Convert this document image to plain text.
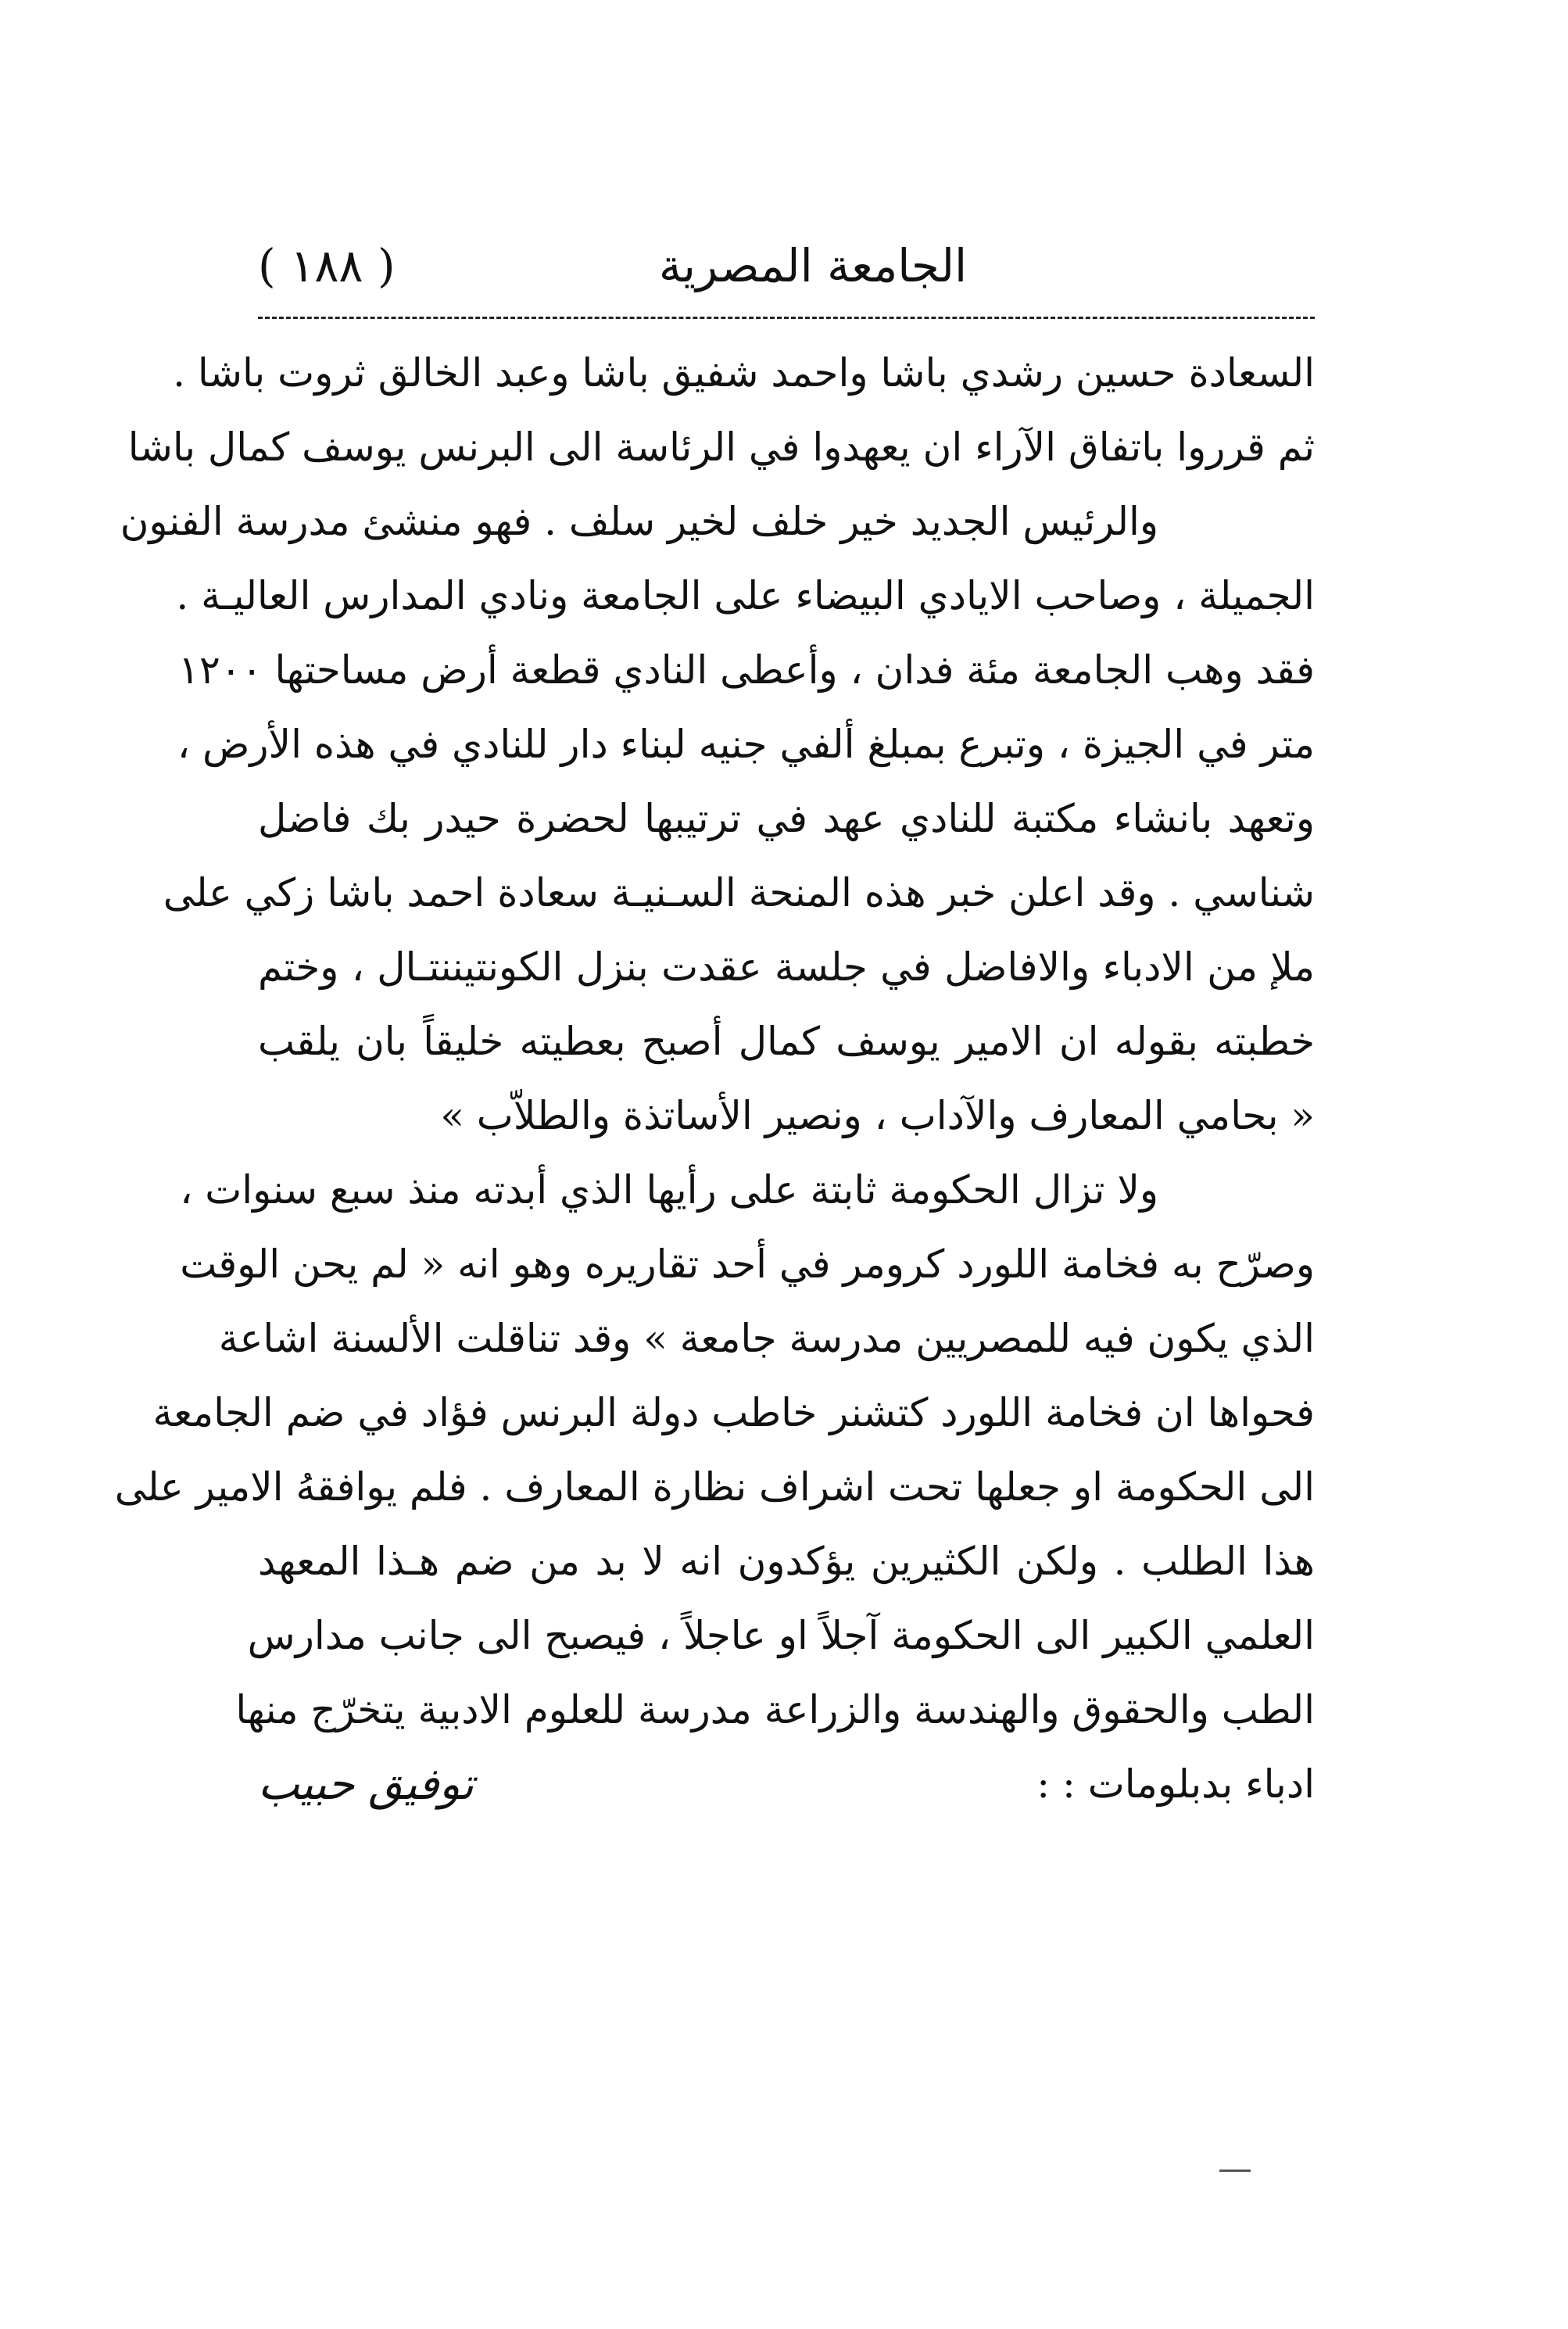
الجامعة المصرية
( ١٨٨ )
السعادة حسين رشدي باشا واحمد شفيق باشا وعبد الخالق ثروت باشا .
ثم قرروا باتفاق الآراء ان يعهدوا في الرئاسة الى البرنس يوسف كمال باشا
والرئيس الجديد خير خلف لخير سلف . فهو منشئ مدرسة الفنون
الجميلة ، وصاحب الايادي البيضاء على الجامعة ونادي المدارس العاليـة .
فقد وهب الجامعة مئة فدان ، وأعطى النادي قطعة أرض مساحتها ١٢٠٠
متر في الجيزة ، وتبرع بمبلغ ألفي جنيه لبناء دار للنادي في هذه الأرض ،
وتعهد بانشاء مكتبة للنادي عهد في ترتيبها لحضرة حيدر بك فاضل
شناسي . وقد اعلن خبر هذه المنحة السـنيـة سعادة احمد باشا زكي على
ملإ من الادباء والافاضل في جلسة عقدت بنزل الكونتيننتـال ، وختم
خطبته بقوله ان الامير يوسف كمال أصبح بعطيته خليقاً بان يلقب
« بحامي المعارف والآداب ، ونصير الأساتذة والطلاّب »
ولا تزال الحكومة ثابتة على رأيها الذي أبدته منذ سبع سنوات ،
وصرّح به فخامة اللورد كرومر في أحد تقاريره وهو انه « لم يحن الوقت
الذي يكون فيه للمصريين مدرسة جامعة » وقد تناقلت الألسنة اشاعة
فحواها ان فخامة اللورد كتشنر خاطب دولة البرنس فؤاد في ضم الجامعة
الى الحكومة او جعلها تحت اشراف نظارة المعارف . فلم يوافقهُ الامير على
هذا الطلب . ولكن الكثيرين يؤكدون انه لا بد من ضم هـذا المعهد
العلمي الكبير الى الحكومة آجلاً او عاجلاً ، فيصبح الى جانب مدارس
الطب والحقوق والهندسة والزراعة مدرسة للعلوم الادبية يتخرّج منها
ادباء بدبلومات : :
توفيق حبيب
